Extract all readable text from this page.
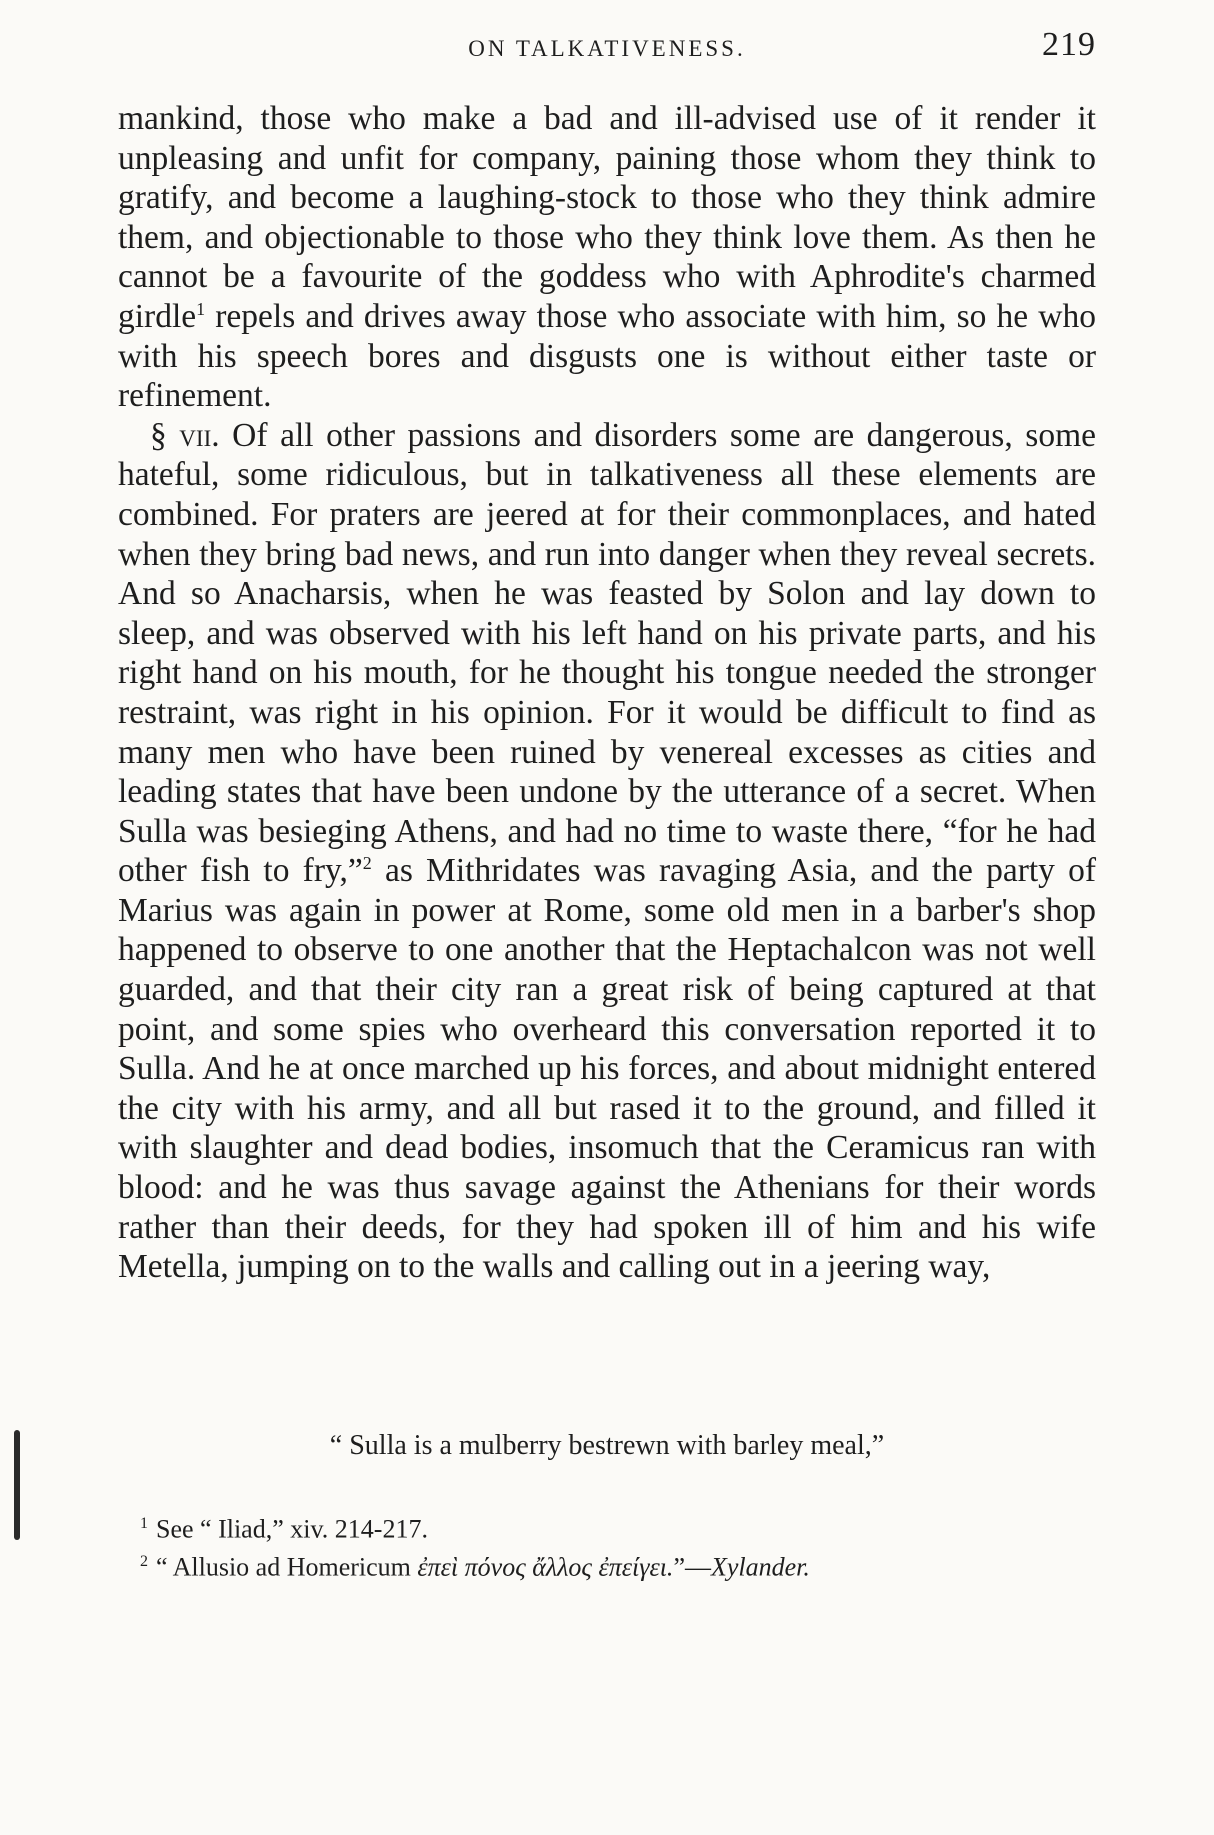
ON TALKATIVENESS.	219

mankind, those who make a bad and ill-advised use of it render it unpleasing and unfit for company, paining those whom they think to gratify, and become a laughing-stock to those who they think admire them, and objectionable to those who they think love them. As then he cannot be a favourite of the goddess who with Aphrodite's charmed girdle$^1$ repels and drives away those who associate with him, so he who with his speech bores and disgusts one is without either taste or refinement.

§ vii. Of all other passions and disorders some are dangerous, some hateful, some ridiculous, but in talkativeness all these elements are combined. For praters are jeered at for their commonplaces, and hated when they bring bad news, and run into danger when they reveal secrets. And so Anacharsis, when he was feasted by Solon and lay down to sleep, and was observed with his left hand on his private parts, and his right hand on his mouth, for he thought his tongue needed the stronger restraint, was right in his opinion. For it would be difficult to find as many men who have been ruined by venereal excesses as cities and leading states that have been undone by the utterance of a secret. When Sulla was besieging Athens, and had no time to waste there, “for he had other fish to fry,”$^2$ as Mithridates was ravaging Asia, and the party of Marius was again in power at Rome, some old men in a barber's shop happened to observe to one another that the Heptachalcon was not well guarded, and that their city ran a great risk of being captured at that point, and some spies who overheard this conversation reported it to Sulla. And he at once marched up his forces, and about midnight entered the city with his army, and all but rased it to the ground, and filled it with slaughter and dead bodies, insomuch that the Ceramicus ran with blood: and he was thus savage against the Athenians for their words rather than their deeds, for they had spoken ill of him and his wife Metella, jumping on to the walls and calling out in a jeering way,

“ Sulla is a mulberry bestrewn with barley meal,”
$^1$ See “ Iliad,” xiv. 214-217.
$^2$ “ Allusio ad Homericum ἐπεὶ πόνος ἄλλος ἐπείγει.”—Xylander.
